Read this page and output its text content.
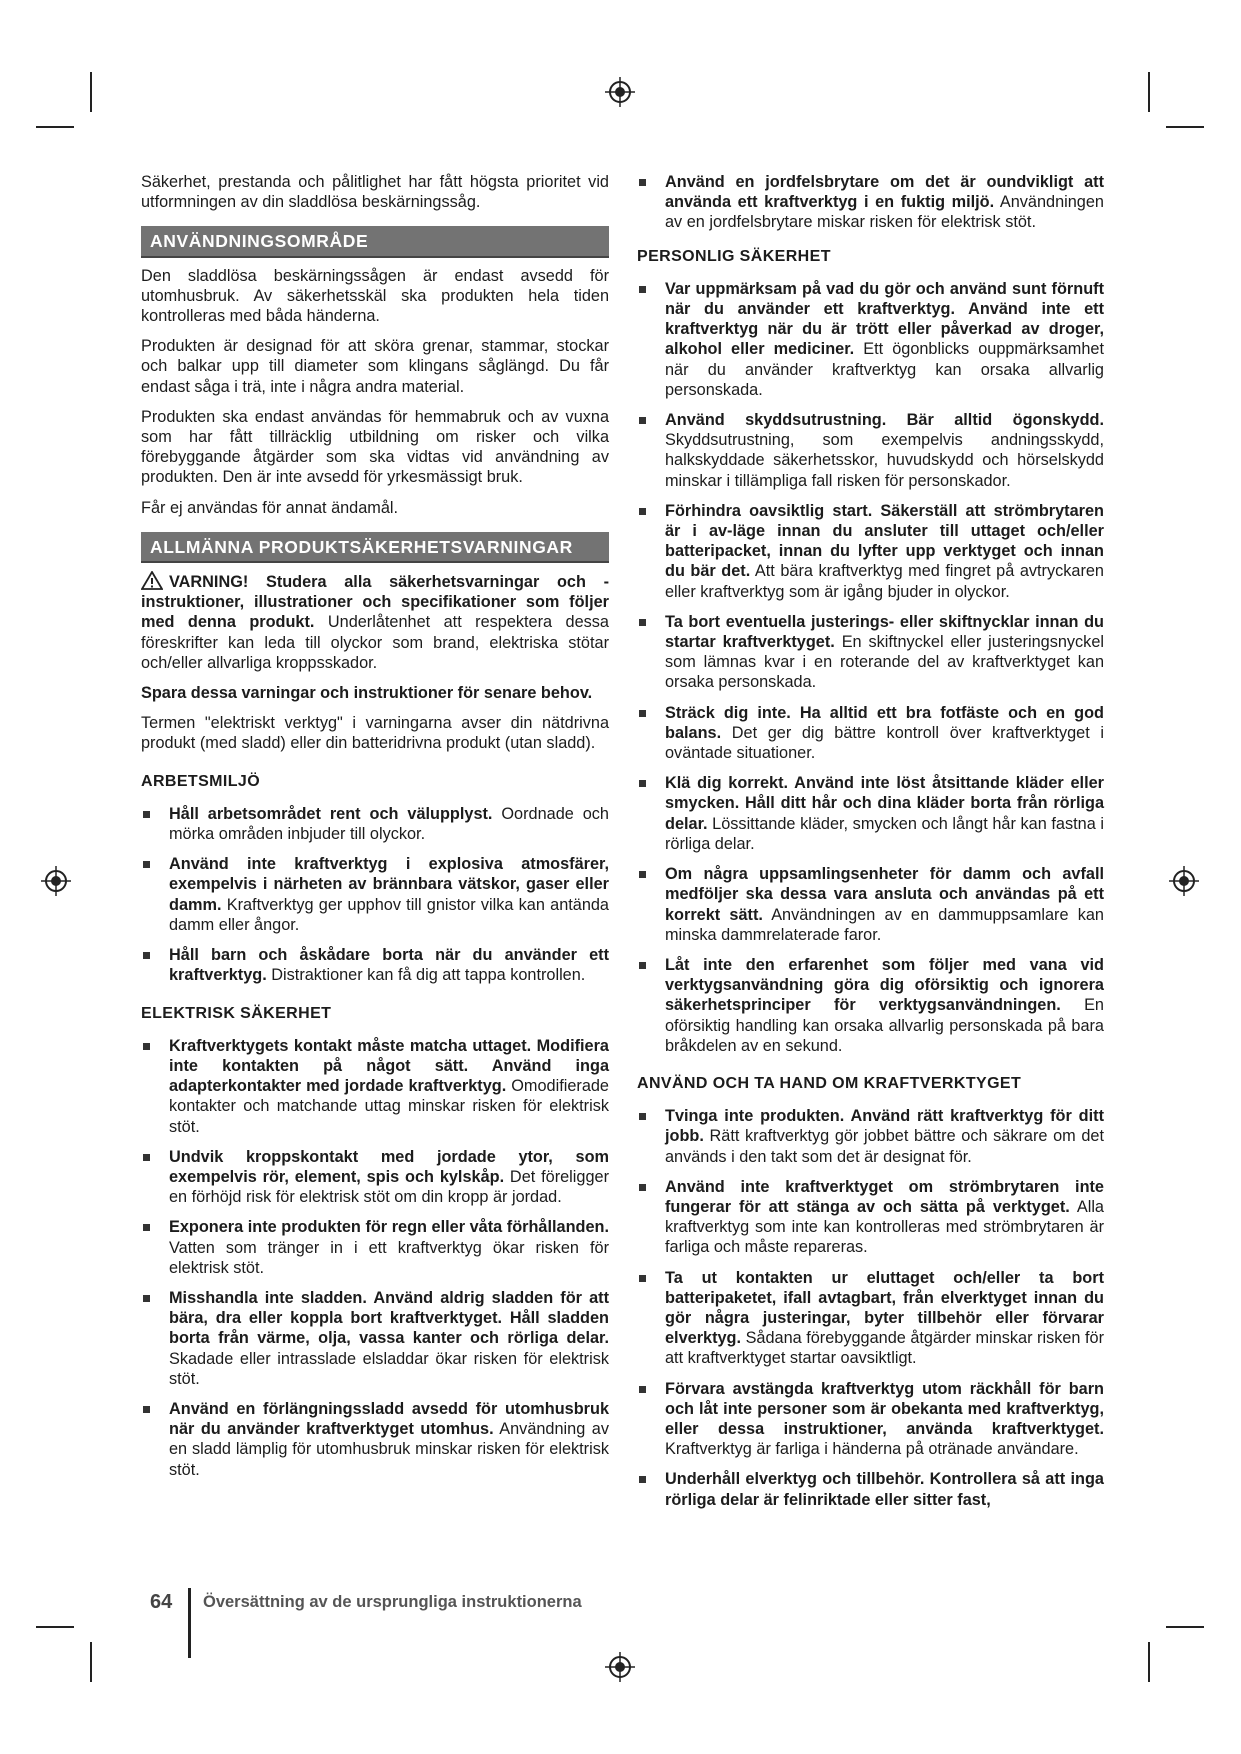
Säkerhet, prestanda och pålitlighet har fått högsta prioritet vid utformningen av din sladdlösa beskärningssåg.

ANVÄNDNINGSOMRÅDE

Den sladdlösa beskärningssågen är endast avsedd för utomhusbruk. Av säkerhetsskäl ska produkten hela tiden kontrolleras med båda händerna.

Produkten är designad för att sköra grenar, stammar, stockar och balkar upp till diameter som klingans såglängd. Du får endast såga i trä, inte i några andra material.

Produkten ska endast användas för hemmabruk och av vuxna som har fått tillräcklig utbildning om risker och vilka förebyggande åtgärder som ska vidtas vid användning av produkten. Den är inte avsedd för yrkesmässigt bruk.

Får ej användas för annat ändamål.

ALLMÄNNA PRODUKTSÄKERHETSVARNINGAR

VARNING! Studera alla säkerhetsvarningar och -instruktioner, illustrationer och specifikationer som följer med denna produkt. Underlåtenhet att respektera dessa föreskrifter kan leda till olyckor som brand, elektriska stötar och/eller allvarliga kroppsskador.

Spara dessa varningar och instruktioner för senare behov.

Termen "elektriskt verktyg" i varningarna avser din nätdrivna produkt (med sladd) eller din batteridrivna produkt (utan sladd).

ARBETSMILJÖ
Håll arbetsområdet rent och välupplyst. Oordnade och mörka områden inbjuder till olyckor.
Använd inte kraftverktyg i explosiva atmosfärer, exempelvis i närheten av brännbara vätskor, gaser eller damm. Kraftverktyg ger upphov till gnistor vilka kan antända damm eller ångor.
Håll barn och åskådare borta när du använder ett kraftverktyg. Distraktioner kan få dig att tappa kontrollen.
ELEKTRISK SÄKERHET
Kraftverktygets kontakt måste matcha uttaget. Modifiera inte kontakten på något sätt. Använd inga adapterkontakter med jordade kraftverktyg. Omodifierade kontakter och matchande uttag minskar risken för elektrisk stöt.
Undvik kroppskontakt med jordade ytor, som exempelvis rör, element, spis och kylskåp. Det föreligger en förhöjd risk för elektrisk stöt om din kropp är jordad.
Exponera inte produkten för regn eller våta förhållanden. Vatten som tränger in i ett kraftverktyg ökar risken för elektrisk stöt.
Misshandla inte sladden. Använd aldrig sladden för att bära, dra eller koppla bort kraftverktyget. Håll sladden borta från värme, olja, vassa kanter och rörliga delar. Skadade eller intrasslade elsladdar ökar risken för elektrisk stöt.
Använd en förlängningssladd avsedd för utomhusbruk när du använder kraftverktyget utomhus. Användning av en sladd lämplig för utomhusbruk minskar risken för elektrisk stöt.
Använd en jordfelsbrytare om det är oundvikligt att använda ett kraftverktyg i en fuktig miljö. Användningen av en jordfelsbrytare miskar risken för elektrisk stöt.
PERSONLIG SÄKERHET
Var uppmärksam på vad du gör och använd sunt förnuft när du använder ett kraftverktyg. Använd inte ett kraftverktyg när du är trött eller påverkad av droger, alkohol eller mediciner. Ett ögonblicks ouppmärksamhet när du använder kraftverktyg kan orsaka allvarlig personskada.
Använd skyddsutrustning. Bär alltid ögonskydd. Skyddsutrustning, som exempelvis andningsskydd, halkskyddade säkerhetsskor, huvudskydd och hörselskydd minskar i tillämpliga fall risken för personskador.
Förhindra oavsiktlig start. Säkerställ att strömbrytaren är i av-läge innan du ansluter till uttaget och/eller batteripacket, innan du lyfter upp verktyget och innan du bär det. Att bära kraftverktyg med fingret på avtryckaren eller kraftverktyg som är igång bjuder in olyckor.
Ta bort eventuella justerings- eller skiftnycklar innan du startar kraftverktyget. En skiftnyckel eller justeringsnyckel som lämnas kvar i en roterande del av kraftverktyget kan orsaka personskada.
Sträck dig inte. Ha alltid ett bra fotfäste och en god balans. Det ger dig bättre kontroll över kraftverktyget i oväntade situationer.
Klä dig korrekt. Använd inte löst åtsittande kläder eller smycken. Håll ditt hår och dina kläder borta från rörliga delar. Lössittande kläder, smycken och långt hår kan fastna i rörliga delar.
Om några uppsamlingsenheter för damm och avfall medföljer ska dessa vara ansluta och användas på ett korrekt sätt. Användningen av en dammuppsamlare kan minska dammrelaterade faror.
Låt inte den erfarenhet som följer med vana vid verktygsanvändning göra dig oförsiktig och ignorera säkerhetsprinciper för verktygsanvändningen. En oförsiktig handling kan orsaka allvarlig personskada på bara bråkdelen av en sekund.
ANVÄND OCH TA HAND OM KRAFTVERKTYGET
Tvinga inte produkten. Använd rätt kraftverktyg för ditt jobb. Rätt kraftverktyg gör jobbet bättre och säkrare om det används i den takt som det är designat för.
Använd inte kraftverktyget om strömbrytaren inte fungerar för att stänga av och sätta på verktyget. Alla kraftverktyg som inte kan kontrolleras med strömbrytaren är farliga och måste repareras.
Ta ut kontakten ur eluttaget och/eller ta bort batteripaketet, ifall avtagbart, från elverktyget innan du gör några justeringar, byter tillbehör eller förvarar elverktyg. Sådana förebyggande åtgärder minskar risken för att kraftverktyget startar oavsiktligt.
Förvara avstängda kraftverktyg utom räckhåll för barn och låt inte personer som är obekanta med kraftverktyg, eller dessa instruktioner, använda kraftverktyget. Kraftverktyg är farliga i händerna på otränade användare.
Underhåll elverktyg och tillbehör. Kontrollera så att inga rörliga delar är felinriktade eller sitter fast,
64 Översättning av de ursprungliga instruktionerna
